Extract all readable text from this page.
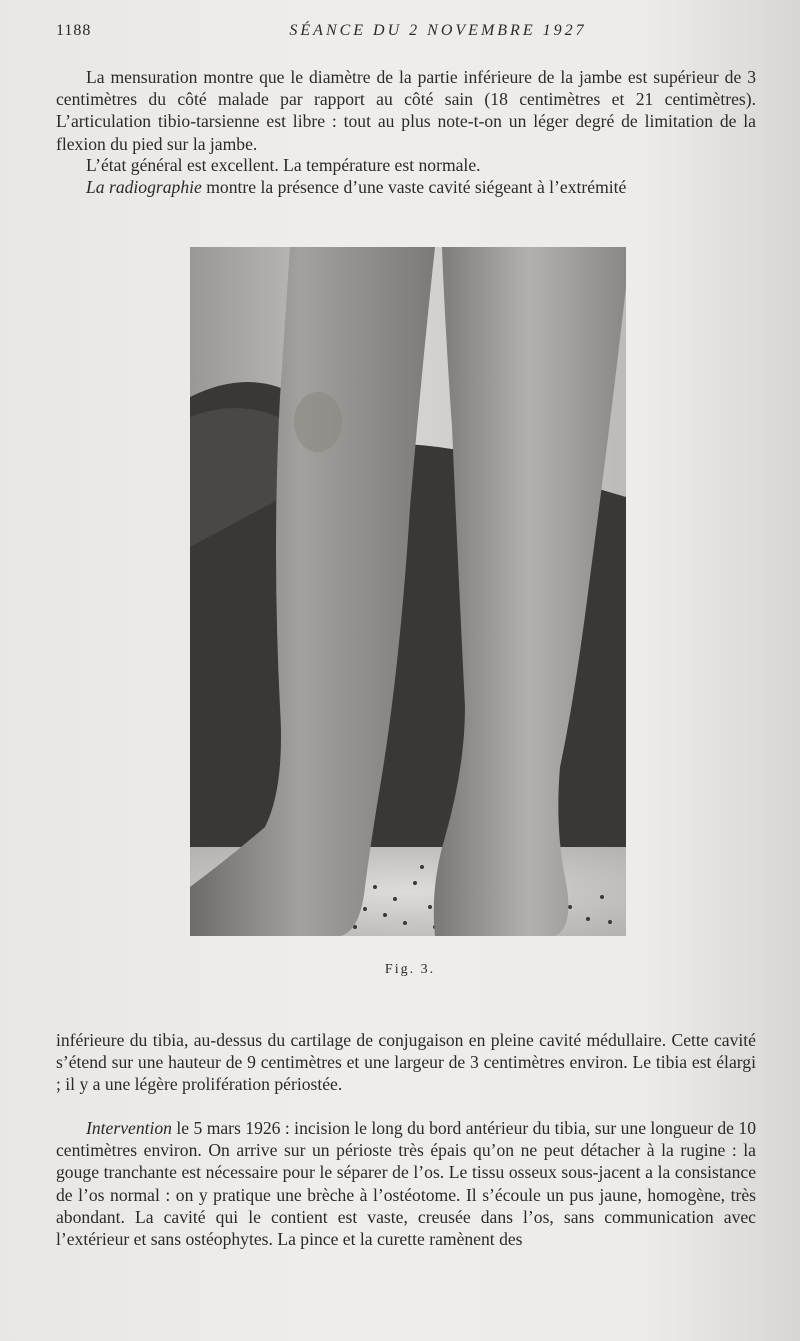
1188	SÉANCE DU 2 NOVEMBRE 1927

La mensuration montre que le diamètre de la partie inférieure de la jambe est supérieur de 3 centimètres du côté malade par rapport au côté sain (18 centimètres et 21 centimètres). L’articulation tibio-tarsienne est libre : tout au plus note-t-on un léger degré de limitation de la flexion du pied sur la jambe.

L’état général est excellent. La température est normale.

La radiographie montre la présence d’une vaste cavité siégeant à l’extrémité

Fig. 3.

inférieure du tibia, au-dessus du cartilage de conjugaison en pleine cavité médullaire. Cette cavité s’étend sur une hauteur de 9 centimètres et une largeur de 3 centimètres environ. Le tibia est élargi ; il y a une légère prolifération périostée.

Intervention le 5 mars 1926 : incision le long du bord antérieur du tibia, sur une longueur de 10 centimètres environ. On arrive sur un périoste très épais qu’on ne peut détacher à la rugine : la gouge tranchante est nécessaire pour le séparer de l’os. Le tissu osseux sous-jacent a la consistance de l’os normal : on y pratique une brèche à l’ostéotome. Il s’écoule un pus jaune, homogène, très abondant. La cavité qui le contient est vaste, creusée dans l’os, sans communication avec l’extérieur et sans ostéophytes. La pince et la curette ramènent des
